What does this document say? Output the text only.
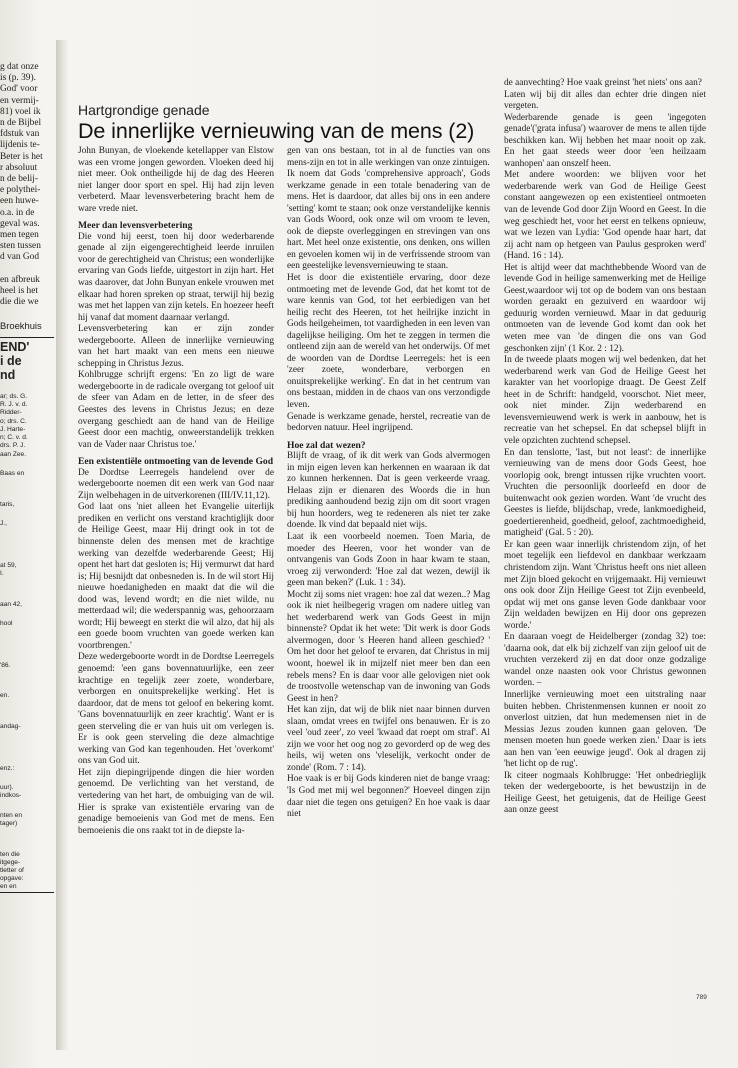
g dat onze
is (p. 39).
God' voor
en vermij-
81) voel ik
n de Bijbel
fdstuk van
lijdenis te-
Beter is het
r absoluut
n de belij-
e polythei-
een huwe-
o.a. in de
geval was.
men tegen
sten tussen
d van God

en afbreuk
heel is het
die die we

Broekhuis
END'
i de
nd

ar; ds. G.
R. J. v. d.
Ridder-
o; drs. C.
J. Harte-
n; C. v. d.
drs. P. J.
aan Zee.

Baas en

taris,

J.,

at 59,
I.

aan 42,

hool

'86.

en.

andag-

enz.:

uur).
indkos-

nten en
tager)

ten die
itgege-
tletter of
opgave:
en en
Hartgrondige genade
De innerlijke vernieuwing van de mens (2)

John Bunyan, de vloekende ketellapper van Elstow was een vrome jongen geworden. Vloeken deed hij niet meer. Ook ontheiligde hij de dag des Heeren niet langer door sport en spel. Hij had zijn leven verbeterd. Maar levensverbetering bracht hem de ware vrede niet.

Meer dan levensverbetering

Die vond hij eerst, toen hij door wederbarende genade al zijn eigengerechtigheid leerde inruilen voor de gerechtigheid van Christus; een wonderlijke ervaring van Gods liefde, uitgestort in zijn hart. Het was daarover, dat John Bunyan enkele vrouwen met elkaar had horen spreken op straat, terwijl hij bezig was met het lappen van zijn ketels. En hoezeer heeft hij vanaf dat moment daarnaar verlangd.

Levensverbetering kan er zijn zonder wedergeboorte. Alleen de innerlijke vernieuwing van het hart maakt van een mens een nieuwe schepping in Christus Jezus.

Kohlbrugge schrijft ergens: 'En zo ligt de ware wedergeboorte in de radicale overgang tot geloof uit de sfeer van Adam en de letter, in de sfeer des Geestes des levens in Christus Jezus; en deze overgang geschiedt aan de hand van de Heilige Geest door een machtig, onweerstandelijk trekken van de Vader naar Christus toe.'

Een existentiële ontmoeting van de levende God

De Dordtse Leerregels handelend over de wedergeboorte noemen dit een werk van God naar Zijn welbehagen in de uitverkorenen (III/IV.11,12).

God laat ons 'niet alleen het Evangelie uiterlijk prediken en verlicht ons verstand krachtiglijk door de Heilige Geest, maar Hij dringt ook in tot de binnenste delen des mensen met de krachtige werking van dezelfde wederbarende Geest; Hij opent het hart dat gesloten is; Hij vermurwt dat hard is; Hij besnijdt dat onbesneden is. In de wil stort Hij nieuwe hoedanigheden en maakt dat die wil die dood was, levend wordt; en die niet wilde, nu metterdaad wil; die wederspannig was, gehoorzaam wordt; Hij beweegt en sterkt die wil alzo, dat hij als een goede boom vruchten van goede werken kan voortbrengen.'

Deze wedergeboorte wordt in de Dordtse Leerregels genoemd: 'een gans bovennatuurlijke, een zeer krachtige en tegelijk zeer zoete, wonderbare, verborgen en onuitsprekelijke werking'. Het is daardoor, dat de mens tot geloof en bekering komt. 'Gans bovennatuurlijk en zeer krachtig'. Want er is geen sterveling die er van huis uit om verlegen is. Er is ook geen sterveling die deze almachtige werking van God kan tegenhouden. Het 'overkomt' ons van God uit.

Het zijn diepingrijpende dingen die hier worden genoemd. De verlichting van het verstand, de vertedering van het hart, de ombuiging van de wil. Hier is sprake van existentiële ervaring van de genadige bemoeienis van God met de mens. Een bemoeienis die ons raakt tot in de diepste la-

gen van ons bestaan, tot in al de functies van ons mens-zijn en tot in alle werkingen van onze zintuigen.

Ik noem dat Gods 'comprehensive approach', Gods werkzame genade in een totale benadering van de mens. Het is daardoor, dat alles bij ons in een andere 'setting' komt te staan; ook onze verstandelijke kennis van Gods Woord, ook onze wil om vroom te leven, ook de diepste overleggingen en strevingen van ons hart. Met heel onze existentie, ons denken, ons willen en gevoelen komen wij in de verfrissende stroom van een geestelijke levensvernieuwing te staan.

Het is door die existentiële ervaring, door deze ontmoeting met de levende God, dat het komt tot de ware kennis van God, tot het eerbiedigen van het heilig recht des Heeren, tot het heilrijke inzicht in Gods heilgeheimen, tot vaardigheden in een leven van dagelijkse heiliging. Om het te zeggen in termen die ontleend zijn aan de wereld van het onderwijs. Of met de woorden van de Dordtse Leerregels: het is een 'zeer zoete, wonderbare, verborgen en onuitsprekelijke werking'. En dat in het centrum van ons bestaan, midden in de chaos van ons verzondigde leven.

Genade is werkzame genade, herstel, recreatie van de bedorven natuur. Heel ingrijpend.

Hoe zal dat wezen?

Blijft de vraag, of ik dit werk van Gods alvermogen in mijn eigen leven kan herkennen en waaraan ik dat zo kunnen herkennen. Dat is geen verkeerde vraag. Helaas zijn er dienaren des Woords die in hun prediking aanhoudend bezig zijn om dit soort vragen bij hun hoorders, weg te redeneren als niet ter zake doende. Ik vind dat bepaald niet wijs.

Laat ik een voorbeeld noemen. Toen Maria, de moeder des Heeren, voor het wonder van de ontvangenis van Gods Zoon in haar kwam te staan, vroeg zij verwonderd: 'Hoe zal dat wezen, dewijl ik geen man beken?' (Luk. 1 : 34).

Mocht zij soms niet vragen: hoe zal dat wezen..? Mag ook ik niet heilbegerig vragen om nadere uitleg van het wederbarend werk van Gods Geest in mijn binnenste? Opdat ik het wete: 'Dit werk is door Gods alvermogen, door 's Heeren hand alleen geschied? ' Om het door het geloof te ervaren, dat Christus in mij woont, hoewel ik in mijzelf niet meer ben dan een rebels mens? En is daar voor alle gelovigen niet ook de troostvolle wetenschap van de inwoning van Gods Geest in hen?

Het kan zijn, dat wij de blik niet naar binnen durven slaan, omdat vrees en twijfel ons benauwen. Er is zo veel 'oud zeer', zo veel 'kwaad dat roept om straf'. Al zijn we voor het oog nog zo gevorderd op de weg des heils, wij weten ons 'vleselijk, verkocht onder de zonde' (Rom. 7 : 14).

Hoe vaak is er bij Gods kinderen niet de bange vraag: 'Is God met mij wel begonnen?' Hoeveel dingen zijn daar niet die tegen ons getuigen? En hoe vaak is daar niet

de aanvechting? Hoe vaak greinst 'het niets' ons aan?

Laten wij bij dit alles dan echter drie dingen niet vergeten.

Wederbarende genade is geen 'ingegoten genade'('grata infusa') waarover de mens te allen tijde beschikken kan. Wij hebben het maar nooit op zak. En het gaat steeds weer door 'een heilzaam wanhopen' aan onszelf heen.

Met andere woorden: we blijven voor het wederbarende werk van God de Heilige Geest constant aangewezen op een existentieel ontmoeten van de levende God door Zijn Woord en Geest. In die weg geschiedt het, voor het eerst en telkens opnieuw, wat we lezen van Lydia: 'God opende haar hart, dat zij acht nam op hetgeen van Paulus gesproken werd' (Hand. 16 : 14).

Het is altijd weer dat machthebbende Woord van de levende God in heilige samenwerking met de Heilige Geest,waardoor wij tot op de bodem van ons bestaan worden geraakt en gezuiverd en waardoor wij geduurig worden vernieuwd. Maar in dat geduurig ontmoeten van de levende God komt dan ook het weten mee van 'de dingen die ons van God geschonken zijn' (1 Kor. 2 : 12).

In de tweede plaats mogen wij wel bedenken, dat het wederbarend werk van God de Heilige Geest het karakter van het voorlopige draagt. De Geest Zelf heet in de Schrift: handgeld, voorschot. Niet meer, ook niet minder. Zijn wederbarend en levensvernieuwend werk is werk in aanbouw, het is recreatie van het schepsel. En dat schepsel blijft in vele opzichten zuchtend schepsel.

En dan tenslotte, 'last, but not least': de innerlijke vernieuwing van de mens door Gods Geest, hoe voorlopig ook, brengt intussen rijke vruchten voort. Vruchten die persoonlijk doorleefd en door de buitenwacht ook gezien worden. Want 'de vrucht des Geestes is liefde, blijdschap, vrede, lankmoedigheid, goedertierenheid, goedheid, geloof, zachtmoedigheid, matigheid' (Gal. 5 : 20).

Er kan geen waar innerlijk christendom zijn, of het moet tegelijk een liefdevol en dankbaar werkzaam christendom zijn. Want 'Christus heeft ons niet alleen met Zijn bloed gekocht en vrijgemaakt. Hij vernieuwt ons ook door Zijn Heilige Geest tot Zijn evenbeeld, opdat wij met ons ganse leven Gode dankbaar voor Zijn weldaden bewijzen en Hij door ons geprezen worde.'

En daaraan voegt de Heidelberger (zondag 32) toe: 'daarna ook, dat elk bij zichzelf van zijn geloof uit de vruchten verzekerd zij en dat door onze godzalige wandel onze naasten ook voor Christus gewonnen worden. –

Innerlijke vernieuwing moet een uitstraling naar buiten hebben. Christenmensen kunnen er nooit zo onverlost uitzien, dat hun medemensen niet in de Messias Jezus zouden kunnen gaan geloven. 'De mensen moeten hun goede werken zien.' Daar is iets aan hen van 'een eeuwige jeugd'. Ook al dragen zij 'het licht op de rug'.

Ik citeer nogmaals Kohlbrugge: 'Het onbedrieglijk teken der wedergeboorte, is het bewustzijn in de Heilige Geest, het getuigenis, dat de Heilige Geest aan onze geest

789
